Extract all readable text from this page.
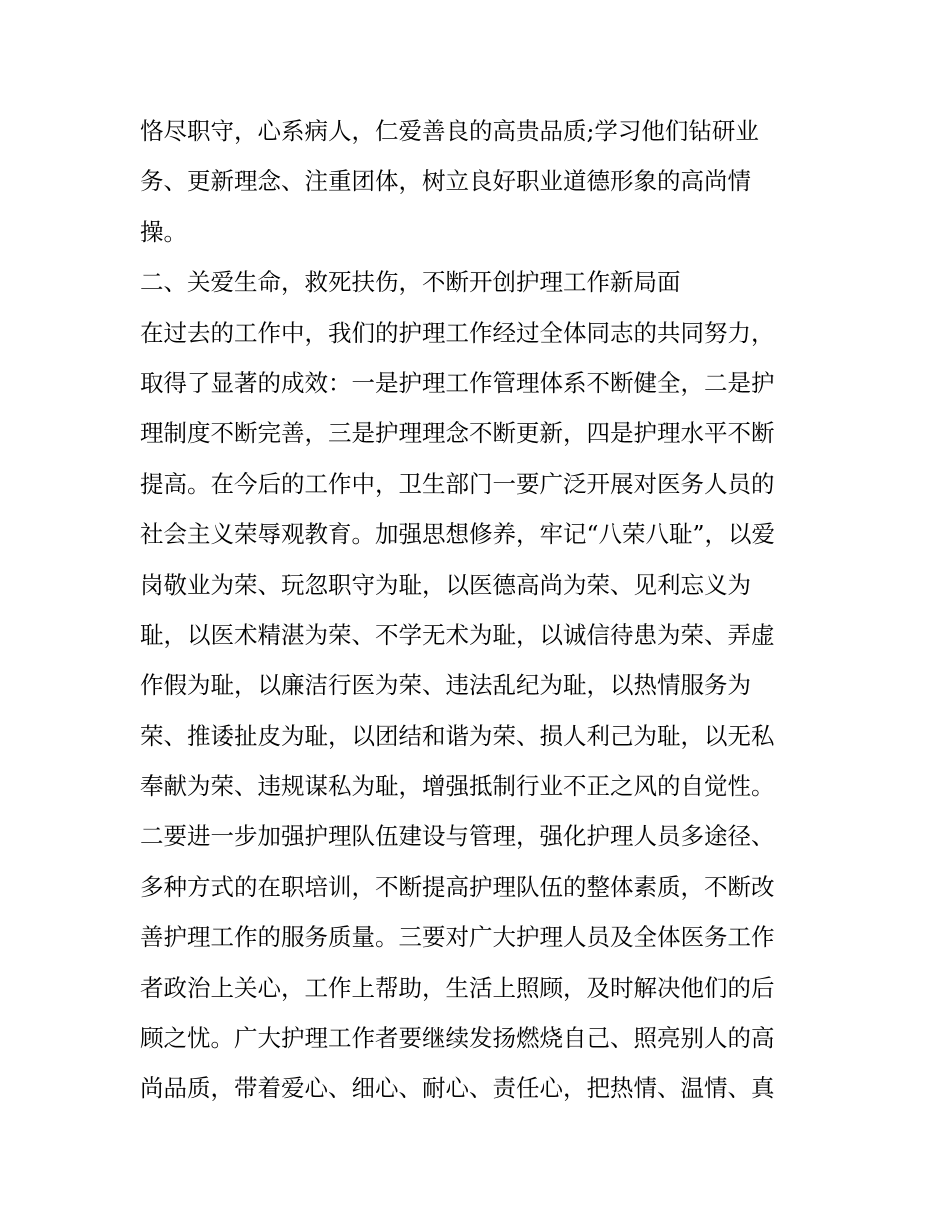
恪尽职守，心系病人，仁爱善良的高贵品质;学习他们钻研业
务、更新理念、注重团体，树立良好职业道德形象的高尚情
操。
二、关爱生命，救死扶伤，不断开创护理工作新局面
在过去的工作中，我们的护理工作经过全体同志的共同努力，
取得了显著的成效：一是护理工作管理体系不断健全，二是护
理制度不断完善，三是护理理念不断更新，四是护理水平不断
提高。在今后的工作中，卫生部门一要广泛开展对医务人员的
社会主义荣辱观教育。加强思想修养，牢记“八荣八耻”，以爱
岗敬业为荣、玩忽职守为耻，以医德高尚为荣、见利忘义为
耻，以医术精湛为荣、不学无术为耻，以诚信待患为荣、弄虚
作假为耻，以廉洁行医为荣、违法乱纪为耻，以热情服务为
荣、推诿扯皮为耻，以团结和谐为荣、损人利己为耻，以无私
奉献为荣、违规谋私为耻，增强抵制行业不正之风的自觉性。
二要进一步加强护理队伍建设与管理，强化护理人员多途径、
多种方式的在职培训，不断提高护理队伍的整体素质，不断改
善护理工作的服务质量。三要对广大护理人员及全体医务工作
者政治上关心，工作上帮助，生活上照顾，及时解决他们的后
顾之忧。广大护理工作者要继续发扬燃烧自己、照亮别人的高
尚品质，带着爱心、细心、耐心、责任心，把热情、温情、真
